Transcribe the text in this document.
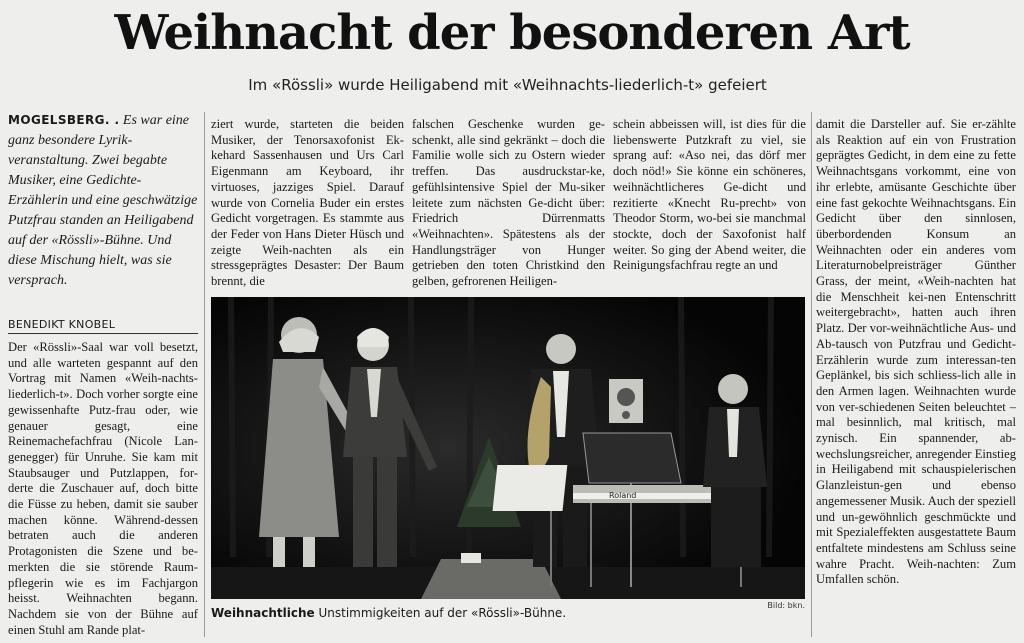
Weihnacht der besonderen Art
Im «Rössli» wurde Heiligabend mit «Weihnachts-liederlich-t» gefeiert
MOGELSBERG. . Es war eine ganz besondere Lyrik-veranstaltung. Zwei begabte Musiker, eine Gedichte-Erzählerin und eine geschwätzige Putzfrau standen an Heiligabend auf der «Rössli»-Bühne. Und diese Mischung hielt, was sie versprach.
BENEDIKT KNOBEL

Der «Rössli»-Saal war voll besetzt, und alle warteten gespannt auf den Vortrag mit Namen «Weih-nachts-liederlich-t». Doch vorher sorgte eine gewissenhafte Putz-frau oder, wie genauer gesagt, eine Reinemachefachfrau (Nicole Lan-genegger) für Unruhe. Sie kam mit Staubsauger und Putzlappen, for-derte die Zuschauer auf, doch bitte die Füsse zu heben, damit sie sauber machen könne. Während-dessen betraten auch die anderen Protagonisten die Szene und be-merkten die sie störende Raum-pflegerin wie es im Fachjargon heisst. Weihnachten begann. Nachdem sie von der Bühne auf einen Stuhl am Rande plat-

ziert wurde, starteten die beiden Musiker, der Tenorsaxofonist Ek-kehard Sassenhausen und Urs Carl Eigenmann am Keyboard, ihr virtuoses, jazziges Spiel. Darauf wurde von Cornelia Buder ein erstes Gedicht vorgetragen. Es stammte aus der Feder von Hans Dieter Hüsch und zeigte Weih-nachten als ein stressgeprägtes Desaster: Der Baum brennt, die

falschen Geschenke wurden ge-schenkt, alle sind gekränkt – doch die Familie wolle sich zu Ostern wieder treffen. Das ausdruckstar-ke, gefühlsintensive Spiel der Mu-siker leitete zum nächsten Ge-dicht über: Friedrich Dürrenmatts «Weihnachten». Spätestens als der Handlungsträger von Hunger getrieben den toten Christkind den gelben, gefrorenen Heiligen-

schein abbeissen will, ist dies für die liebenswerte Putzkraft zu viel, sie sprang auf: «Aso nei, das dörf mer doch nöd!» Sie könne ein schöneres, weihnächtlicheres Ge-dicht und rezitierte «Knecht Ru-precht» von Theodor Storm, wo-bei sie manchmal stockte, doch der Saxofonist half weiter. So ging der Abend weiter, die Reinigungsfachfrau regte an und

damit die Darsteller auf. Sie er-zählte als Reaktion auf ein von Frustration geprägtes Gedicht, in dem eine zu fette Weihnachtsgans vorkommt, eine von ihr erlebte, amüsante Geschichte über eine fast gekochte Weihnachtsgans. Ein Gedicht über den sinnlosen, überbordenden Konsum an Weihnachten oder ein anderes vom Literaturnobelpreisträger Günther Grass, der meint, «Weih-nachten hat die Menschheit kei-nen Entenschritt weitergebracht», hatten auch ihren Platz. Der vor-weihnächtliche Aus- und Ab-tausch von Putzfrau und Gedicht-Erzählerin wurde zum interessan-ten Geplänkel, bis sich schliess-lich alle in den Armen lagen. Weihnachten wurde von ver-schiedenen Seiten beleuchtet – mal besinnlich, mal kritisch, mal zynisch. Ein spannender, ab-wechslungsreicher, anregender Einstieg in Heiligabend mit schauspielerischen Glanzleistun-gen und ebenso angemessener Musik. Auch der speziell und un-gewöhnlich geschmückte und mit Spezialeffekten ausgestattete Baum entfaltete mindestens am Schluss seine wahre Pracht. Weih-nachten: Zum Umfallen schön.

Roland
Weihnachtliche Unstimmigkeiten auf der «Rössli»-Bühne.
Bild: bkn.
